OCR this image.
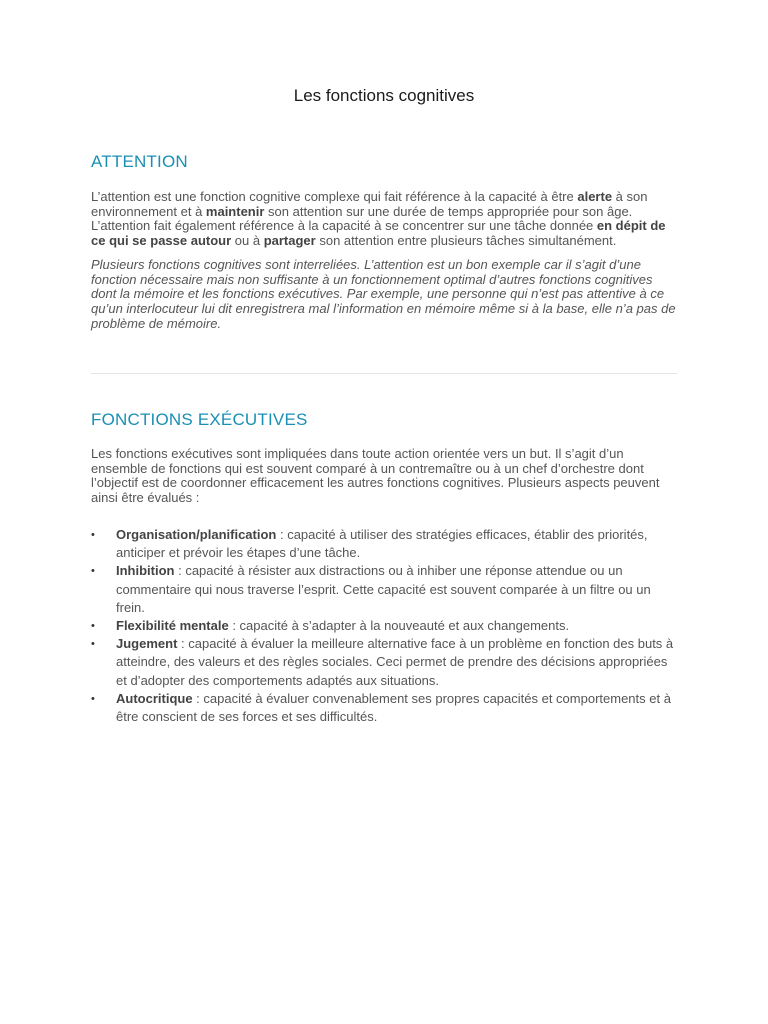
Les fonctions cognitives
ATTENTION

L’attention est une fonction cognitive complexe qui fait référence à la capacité à être alerte à son environnement et à maintenir son attention sur une durée de temps appropriée pour son âge. L’attention fait également référence à la capacité à se concentrer sur une tâche donnée en dépit de ce qui se passe autour ou à partager son attention entre plusieurs tâches simultanément.

Plusieurs fonctions cognitives sont interreliées. L’attention est un bon exemple car il s’agit d’une fonction nécessaire mais non suffisante à un fonctionnement optimal d’autres fonctions cognitives dont la mémoire et les fonctions exécutives. Par exemple, une personne qui n’est pas attentive à ce qu’un interlocuteur lui dit enregistrera mal l’information en mémoire même si à la base, elle n’a pas de problème de mémoire.

FONCTIONS EXÉCUTIVES

Les fonctions exécutives sont impliquées dans toute action orientée vers un but. Il s’agit d’un ensemble de fonctions qui est souvent comparé à un contremaître ou à un chef d’orchestre dont l’objectif est de coordonner efficacement les autres fonctions cognitives. Plusieurs aspects peuvent ainsi être évalués :

•	Organisation/planification : capacité à utiliser des stratégies efficaces, établir des priorités, anticiper et prévoir les étapes d’une tâche.
•	Inhibition : capacité à résister aux distractions ou à inhiber une réponse attendue ou un commentaire qui nous traverse l’esprit. Cette capacité est souvent comparée à un filtre ou un frein.
•	Flexibilité mentale : capacité à s’adapter à la nouveauté et aux changements.
•	Jugement : capacité à évaluer la meilleure alternative face à un problème en fonction des buts à atteindre, des valeurs et des règles sociales. Ceci permet de prendre des décisions appropriées et d’adopter des comportements adaptés aux situations.
•	Autocritique : capacité à évaluer convenablement ses propres capacités et comportements et à être conscient de ses forces et ses difficultés.
